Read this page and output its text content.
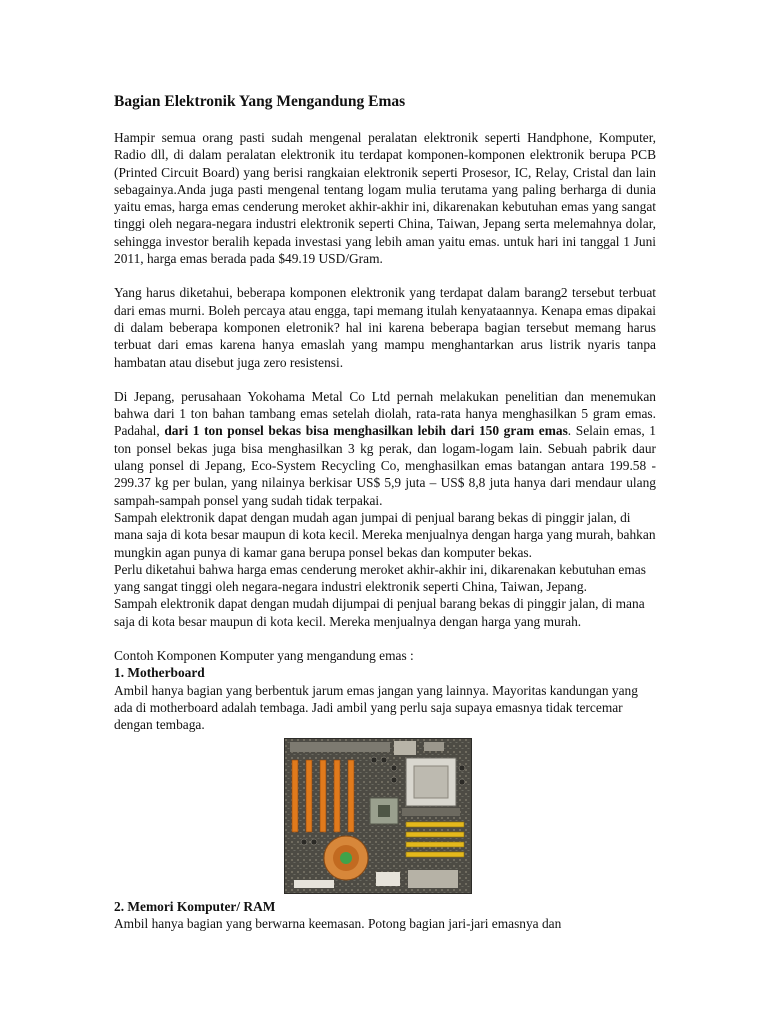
Bagian Elektronik Yang Mengandung Emas

Hampir semua orang pasti sudah mengenal peralatan elektronik seperti Handphone, Komputer, Radio dll, di dalam peralatan elektronik itu terdapat komponen-komponen elektronik berupa PCB (Printed Circuit Board) yang berisi rangkaian elektronik seperti Prosesor, IC, Relay, Cristal dan lain sebagainya.Anda juga pasti mengenal tentang logam mulia terutama yang paling berharga di dunia yaitu emas, harga emas cenderung meroket akhir-akhir ini, dikarenakan kebutuhan emas yang sangat tinggi oleh negara-negara industri elektronik seperti China, Taiwan, Jepang serta melemahnya dolar, sehingga investor beralih kepada investasi yang lebih aman yaitu emas. untuk hari ini tanggal 1 Juni 2011, harga emas berada pada $49.19 USD/Gram.

Yang harus diketahui, beberapa komponen elektronik yang terdapat dalam barang2 tersebut terbuat dari emas murni. Boleh percaya atau engga, tapi memang itulah kenyataannya. Kenapa emas dipakai di dalam beberapa komponen eletronik? hal ini karena beberapa bagian tersebut memang harus terbuat dari emas karena hanya emaslah yang mampu menghantarkan arus listrik nyaris tanpa hambatan atau disebut juga zero resistensi.

Di Jepang, perusahaan Yokohama Metal Co Ltd pernah melakukan penelitian dan menemukan bahwa dari 1 ton bahan tambang emas setelah diolah, rata-rata hanya menghasilkan 5 gram emas. Padahal, dari 1 ton ponsel bekas bisa menghasilkan lebih dari 150 gram emas. Selain emas, 1 ton ponsel bekas juga bisa menghasilkan 3 kg perak, dan logam-logam lain. Sebuah pabrik daur ulang ponsel di Jepang, Eco-System Recycling Co, menghasilkan emas batangan antara 199.58 - 299.37 kg per bulan, yang nilainya berkisar US$ 5,9 juta – US$ 8,8 juta hanya dari mendaur ulang sampah-sampah ponsel yang sudah tidak terpakai.

Sampah elektronik dapat dengan mudah agan jumpai di penjual barang bekas di pinggir jalan, di mana saja di kota besar maupun di kota kecil. Mereka menjualnya dengan harga yang murah, bahkan mungkin agan punya di kamar gana berupa ponsel bekas dan komputer bekas.

Perlu diketahui bahwa harga emas cenderung meroket akhir-akhir ini, dikarenakan kebutuhan emas yang sangat tinggi oleh negara-negara industri elektronik seperti China, Taiwan, Jepang.

Sampah elektronik dapat dengan mudah dijumpai di penjual barang bekas di pinggir jalan, di mana saja di kota besar maupun di kota kecil. Mereka menjualnya dengan harga yang murah.

Contoh Komponen Komputer yang mengandung emas :

1. Motherboard

Ambil hanya bagian yang berbentuk jarum emas jangan yang lainnya. Mayoritas kandungan yang ada di motherboard adalah tembaga. Jadi ambil yang perlu saja supaya emasnya tidak tercemar dengan tembaga.

2. Memori Komputer/ RAM

Ambil hanya bagian yang berwarna keemasan. Potong bagian jari-jari emasnya dan
